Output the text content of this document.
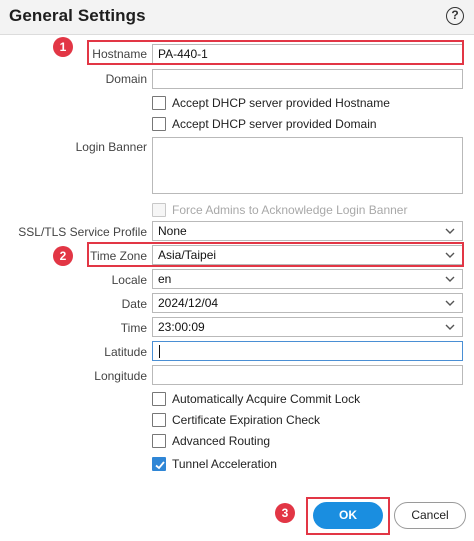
General Settings	?
Hostname
PA-440-1
Domain
Accept DHCP server provided Hostname
Accept DHCP server provided Domain
Login Banner
Force Admins to Acknowledge Login Banner
SSL/TLS Service Profile None
Time Zone Asia/Taipei
Locale en
Date 2024/12/04
Time 23:00:09
Latitude
Longitude
Automatically Acquire Commit Lock
Certificate Expiration Check
Advanced Routing
Tunnel Acceleration
OK	Cancel
1
2
3
